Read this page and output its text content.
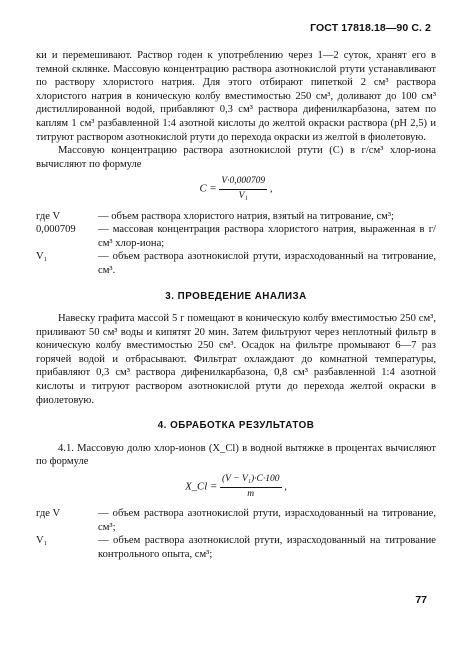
ГОСТ 17818.18—90 С. 2

ки и перемешивают. Раствор годен к употреблению через 1—2 суток, хранят его в темной склянке. Массовую концентрацию раствора азотнокислой ртути устанавливают по раствору хлористого натрия. Для этого отбирают пипеткой 2 см³ раствора хлористого натрия в коническую колбу вместимостью 250 см³, доливают до 100 см³ дистиллированной водой, прибавляют 0,3 см³ раствора дифенилкарбазона, затем по каплям 1 см³ разбавленной 1:4 азотной кислоты до желтой окраски раствора (pH 2,5) и титруют раствором азотнокислой ртути до перехода окраски из желтой в фиолетовую.

Массовую концентрацию раствора азотнокислой ртути (C) в г/см³ хлор-иона вычисляют по формуле

$C = \frac{V\cdot 0,000709}{\text{V₁}}$ ,
где V	— объем раствора хлористого натрия, взятый на титрование, см³;
0,000709	— массовая концентрация раствора хлористого натрия, выраженная в г/см³ хлор-иона;
V₁	— объем раствора азотнокислой ртути, израсходованный на титрование, см³.
3. ПРОВЕДЕНИЕ АНАЛИЗА

Навеску графита массой 5 г помещают в коническую колбу вместимостью 250 см³, приливают 50 см³ воды и кипятят 20 мин. Затем фильтруют через неплотный фильтр в коническую колбу вместимостью 250 см³. Осадок на фильтре промывают 6—7 раз горячей водой и отбрасывают. Фильтрат охлаждают до комнатной температуры, прибавляют 0,3 см³ раствора дифенилкарбазона, 0,8 см³ разбавленной 1:4 азотной кислоты и титруют раствором азотнокислой ртути до перехода желтой окраски в фиолетовую.

4. ОБРАБОТКА РЕЗУЛЬТАТОВ

4.1. Массовую долю хлор-ионов (X_Cl) в водной вытяжке в процентах вычисляют по формуле

X_Cl = $\frac{\text{(V − V₁)·C·100}}{m}$ ,
где V	— объем раствора азотнокислой ртути, израсходованный на титрование, см³;
V₁	— объем раствора азотнокислой ртути, израсходованный на титрование контрольного опыта, см³;
77
